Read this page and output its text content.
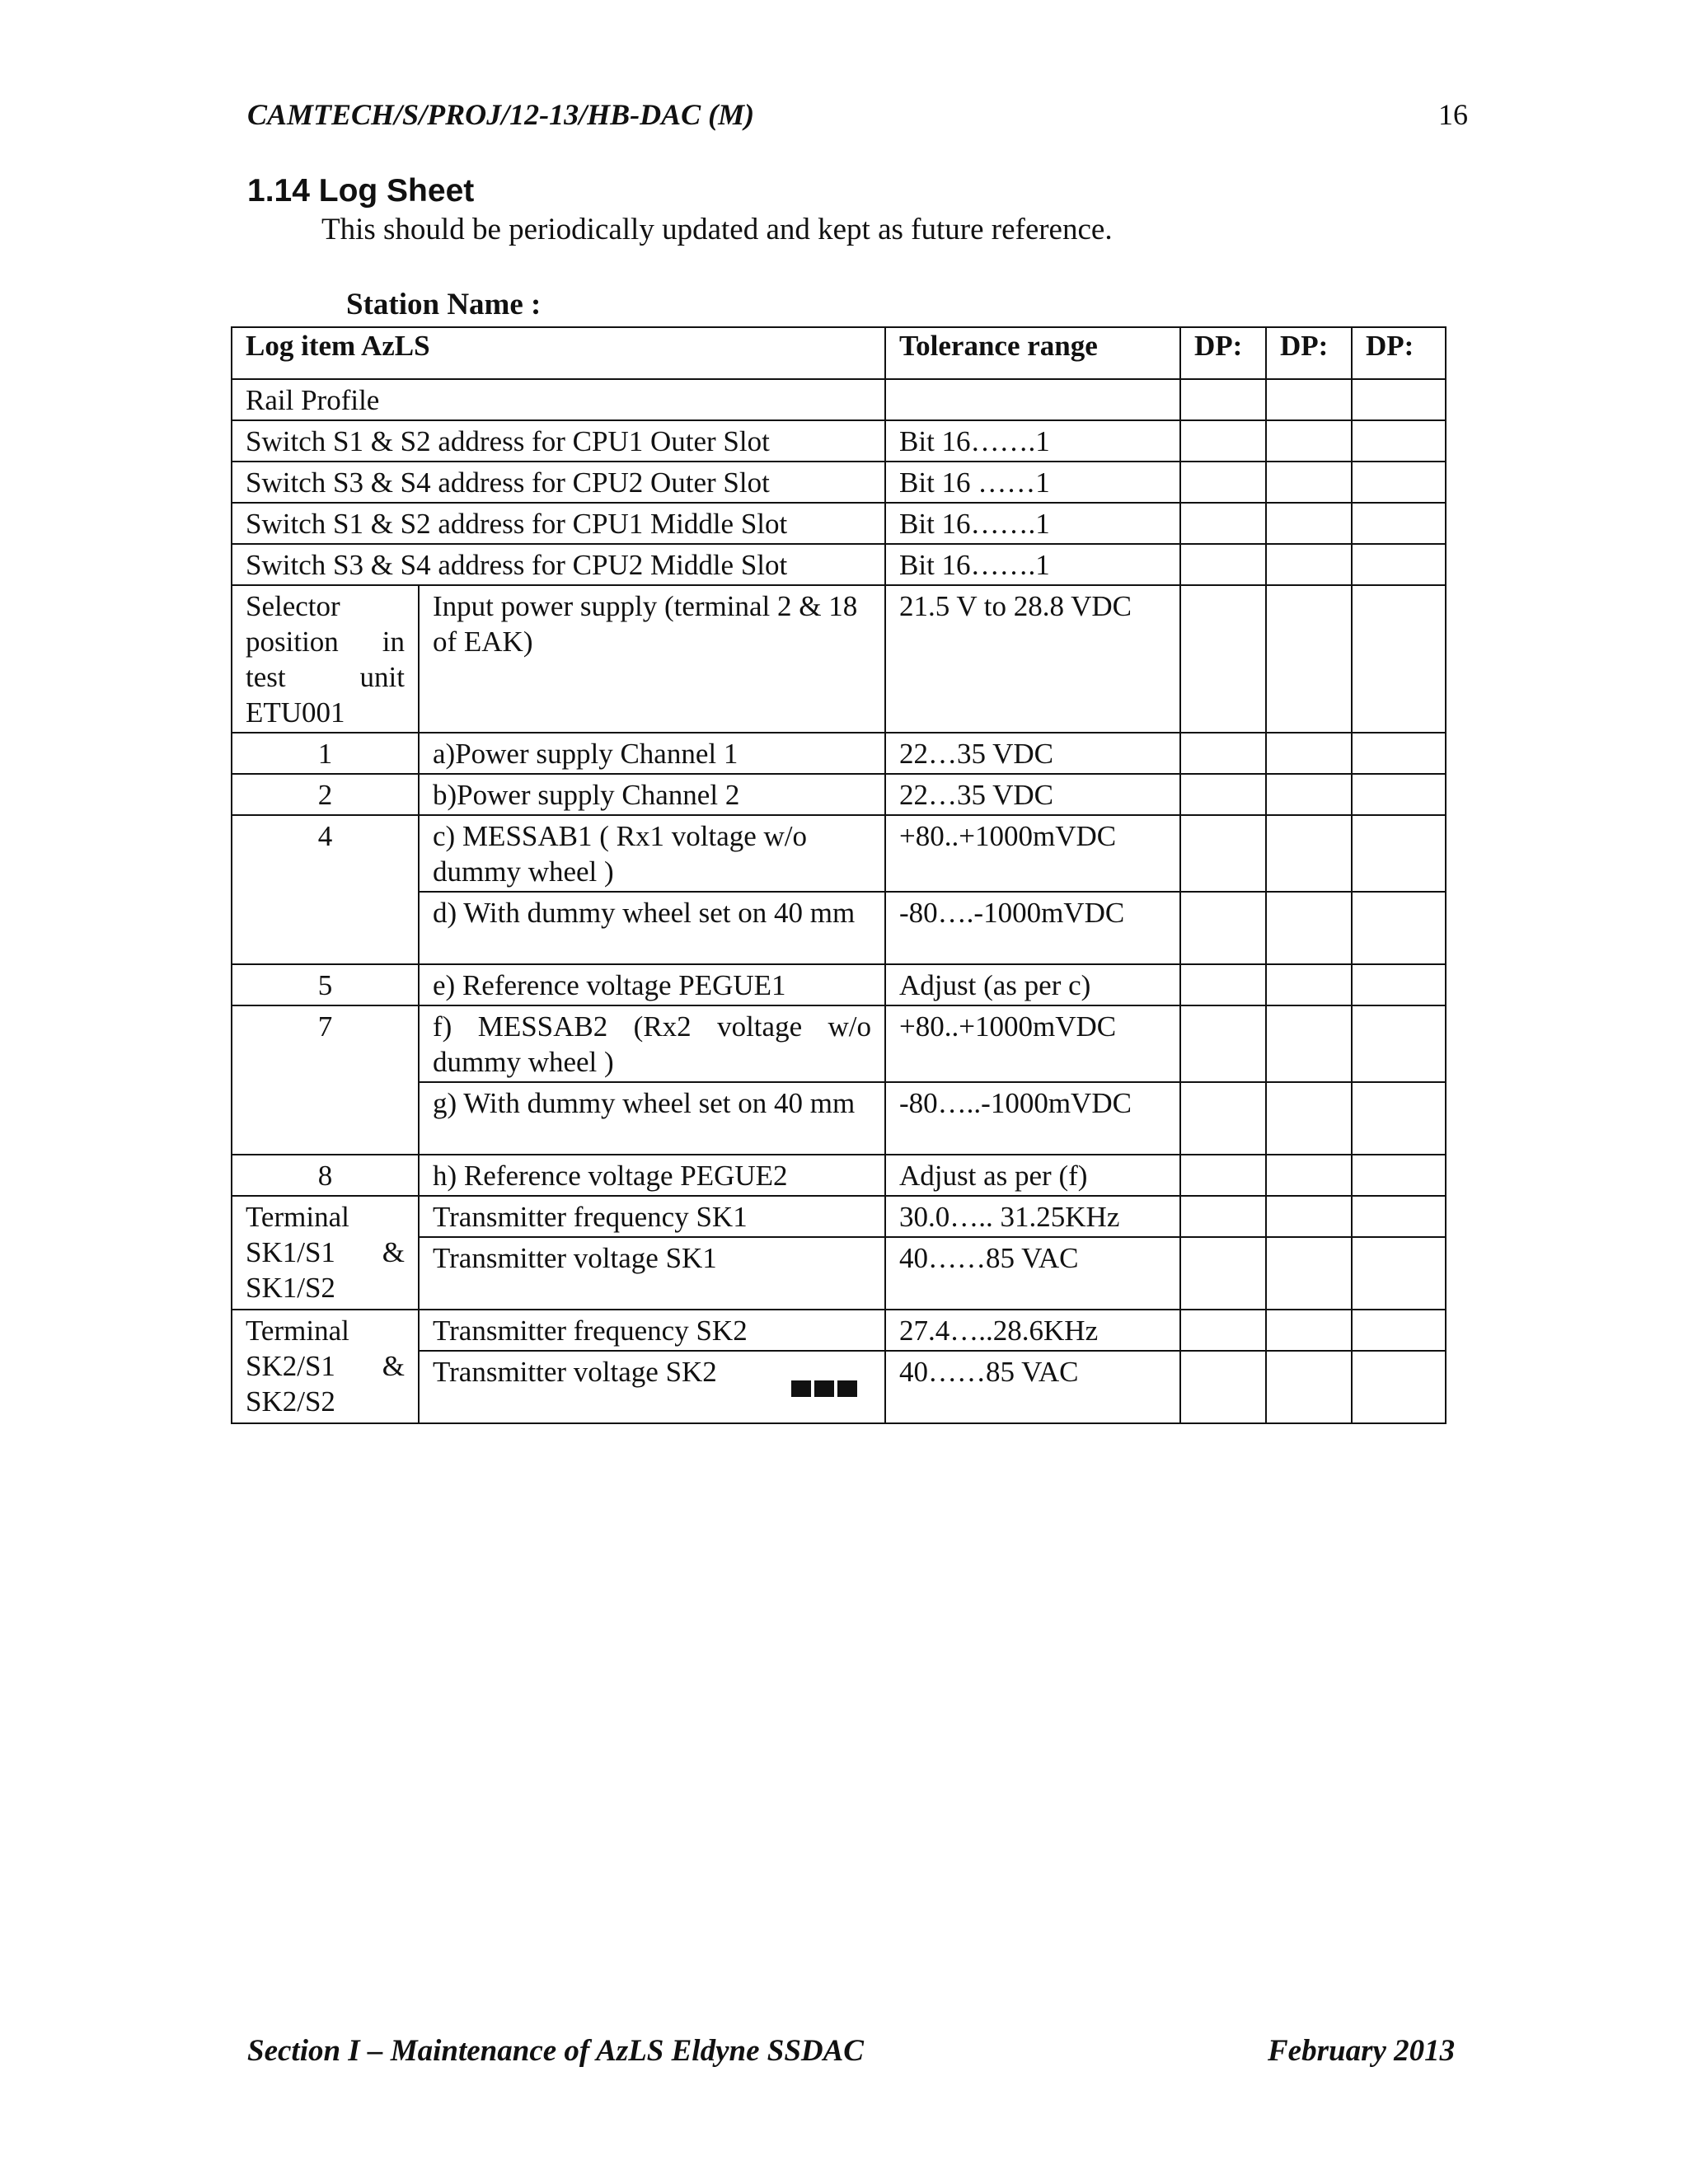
CAMTECH/S/PROJ/12-13/HB-DAC (M)	16
1.14 Log Sheet
This should be periodically updated and kept as future reference.
Station Name :
Log item AzLS		Tolerance range	DP:	DP:	DP:
Rail Profile					
Switch S1 & S2 address for CPU1 Outer Slot		Bit 16…….1			
Switch S3 & S4 address for CPU2 Outer Slot		Bit 16 ……1			
Switch S1 & S2 address for CPU1 Middle Slot		Bit 16…….1			
Switch S3 & S4 address for CPU2 Middle Slot		Bit 16…….1			
Selector position in test unit ETU001	Input power supply (terminal 2 & 18 of EAK)	21.5 V to 28.8 VDC			
1	a)Power supply Channel 1	22…35 VDC			
2	b)Power supply Channel 2	22…35 VDC			
4	c) MESSAB1 ( Rx1 voltage w/o dummy wheel )	+80..+1000mVDC			
	d) With dummy wheel set on 40 mm	-80….-1000mVDC			
5	e) Reference voltage PEGUE1	Adjust (as per c)			
7	f) MESSAB2 (Rx2 voltage w/o dummy wheel )	+80..+1000mVDC			
	g) With dummy wheel set on 40 mm	-80…..-1000mVDC			
8	h) Reference voltage PEGUE2	Adjust as per (f)			
Terminal SK1/S1 & SK1/S2	Transmitter frequency SK1	30.0….. 31.25KHz			
	Transmitter voltage SK1	40……85 VAC			
Terminal SK2/S1 & SK2/S2	Transmitter frequency SK2	27.4…..28.6KHz			
	Transmitter voltage SK2	40……85 VAC			
Section I – Maintenance of AzLS Eldyne SSDAC	February 2013
